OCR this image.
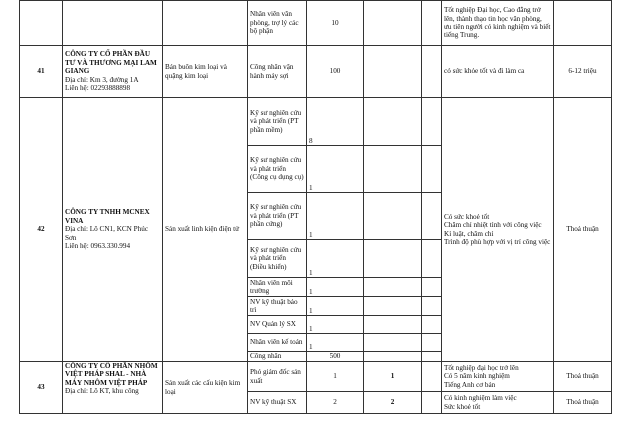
			Nhân viên văn phòng, trợ lý các bộ phận	10			Tốt nghiệp Đại học, Cao đẳng trở lên, thành thạo tin học văn phòng, ưu tiên người có kinh nghiệm và biết tiếng Trung.	
41	CÔNG TY CỔ PHẦN ĐẦU TƯ VÀ THƯƠNG MẠI LAM GIANG
Địa chỉ: Km 3, đường 1A
Liên hệ: 02293888898	Bán buôn kim loại và quặng kim loại	Công nhân vận hành máy sợi	100			có sức khỏe tốt và đi làm ca	6-12 triệu
42	CÔNG TY TNHH MCNEX VINA
Địa chỉ: Lô CN1, KCN Phúc Sơn
Liên hệ: 0963.330.994	Sản xuất linh kiện điện tử	Kỹ sư nghiên cứu và phát triển (PT phần mềm)	8			Có sức khoẻ tốt
Chăm chỉ nhiệt tình với công việc
Kỉ luật, chăm chỉ
Trình độ phù hợp với vị trí công việc	Thoả thuận
			Kỹ sư nghiên cứu và phát triển (Công cụ dụng cụ)	1				
			Kỹ sư nghiên cứu và phát triển (PT phần cứng)	1				
			Kỹ sư nghiên cứu và phát triển (Điều khiển)	1				
			Nhân viên môi trường	1				
			NV kỹ thuật bảo trì	1				
			NV Quản lý SX	1				
			Nhân viên kế toán	1				
			Công nhân	500				
43	CÔNG TY CỔ PHẦN NHÔM VIỆT PHÁP SHAL - NHÀ MÁY NHÔM VIỆT PHÁP
Địa chỉ: Lô KT, khu công	Sản xuất các cấu kiện kim loại	Phó giám đốc sản xuất	1	1		Tốt nghiệp đại học trở lên
Có 5 năm kinh nghiệm
Tiếng Anh cơ bản	Thoả thuận
			NV kỹ thuật SX	2	2		Có kinh nghiệm làm việc
Sức khoẻ tốt	Thoả thuận
